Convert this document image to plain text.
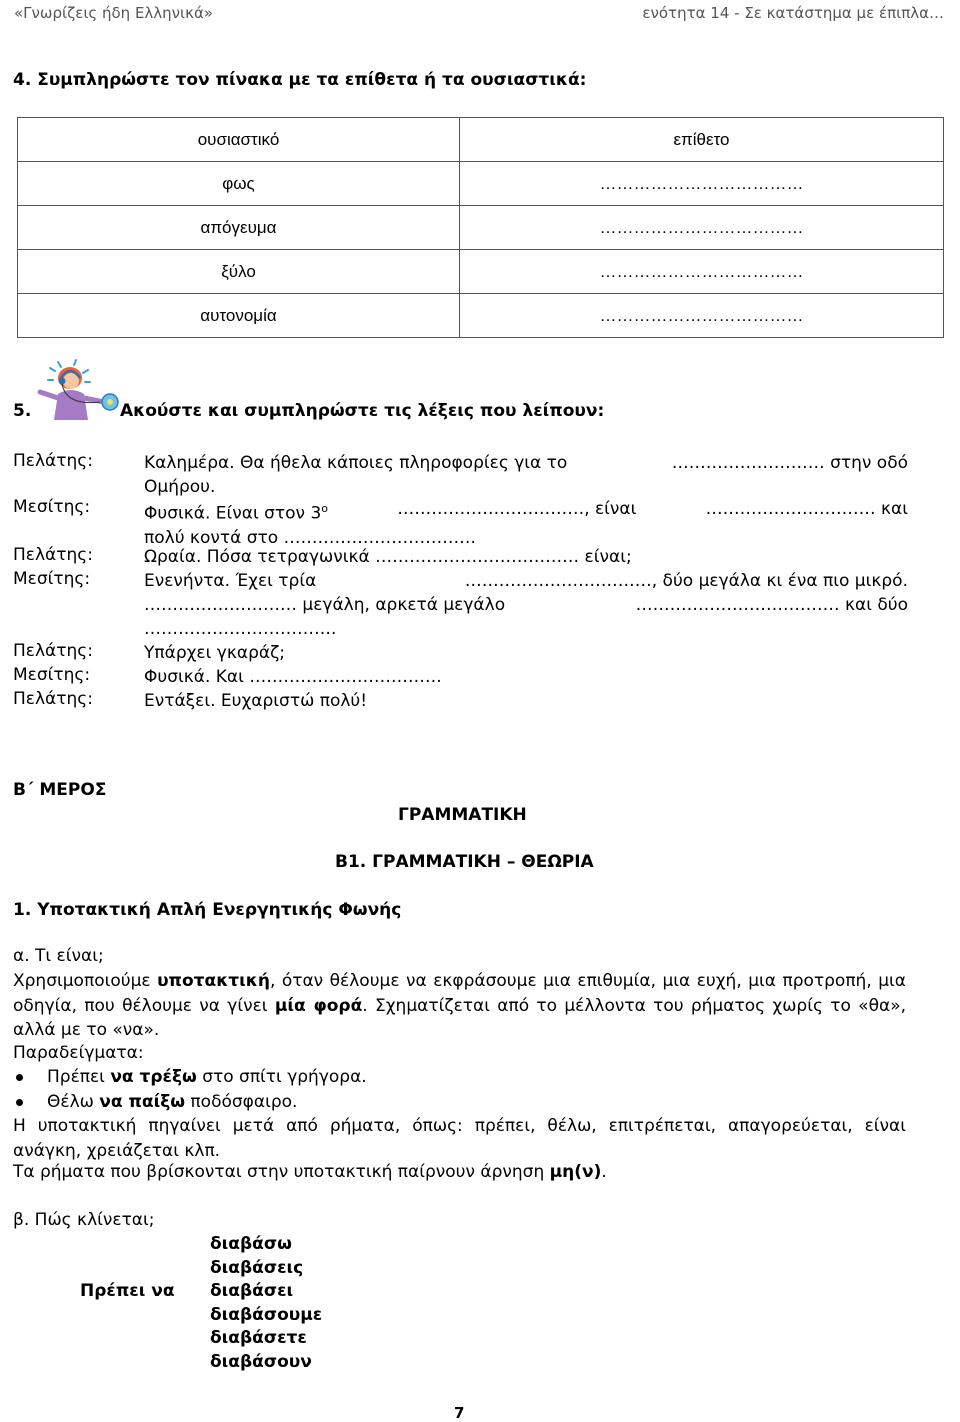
«Γνωρίζεις ήδη Ελληνικά»	ενότητα 14 - Σε κατάστημα με έπιπλα…
4. Συμπληρώστε τον πίνακα με τα επίθετα ή τα ουσιαστικά:
ουσιαστικό	επίθετο
φως	………………………………
απόγευμα	………………………………
ξύλο	………………………………
αυτονομία	………………………………
5.	Ακούστε και συμπληρώστε τις λέξεις που λείπουν:
Πελάτης:	Καλημέρα. Θα ήθελα κάποιες πληροφορίες για το	……………………… στην οδό
Ομήρου.
Μεσίτης:	Φυσικά. Είναι στον $3^o$	……………………………, είναι	………………………… και
πολύ κοντά στο …………………………….
Πελάτης:	Ωραία. Πόσα τετραγωνικά ……………………………… είναι;
Μεσίτης:	Ενενήντα. Έχει τρία	……………………………, δύο μεγάλα κι ένα πιο μικρό.
……………………… μεγάλη, αρκετά μεγάλο	……………………………… και δύο
…………………………….
Πελάτης:	Υπάρχει γκαράζ;
Μεσίτης:	Φυσικά. Και …………………………….
Πελάτης:	Εντάξει. Ευχαριστώ πολύ!
Β΄ ΜΕΡΟΣ
ΓΡΑΜΜΑΤΙΚΗ
Β1. ΓΡΑΜΜΑΤΙΚΗ – ΘΕΩΡΙΑ
1. Υποτακτική Απλή Ενεργητικής Φωνής
α. Τι είναι;
Χρησιμοποιούμε υποτακτική, όταν θέλουμε να εκφράσουμε μια επιθυμία, μια ευχή, μια προτροπή, μια οδηγία, που θέλουμε να γίνει μία φορά. Σχηματίζεται από το μέλλοντα του ρήματος χωρίς το «θα», αλλά με το «να».
Παραδείγματα:
Πρέπει να τρέξω στο σπίτι γρήγορα.
Θέλω να παίξω ποδόσφαιρο.
Η υποτακτική πηγαίνει μετά από ρήματα, όπως: πρέπει, θέλω, επιτρέπεται, απαγορεύεται, είναι ανάγκη, χρειάζεται κλπ.
Τα ρήματα που βρίσκονται στην υποτακτική παίρνουν άρνηση μη(ν).
β. Πώς κλίνεται;
Πρέπει να
διαβάσω
διαβάσεις
διαβάσει
διαβάσουμε
διαβάσετε
διαβάσουν
7
